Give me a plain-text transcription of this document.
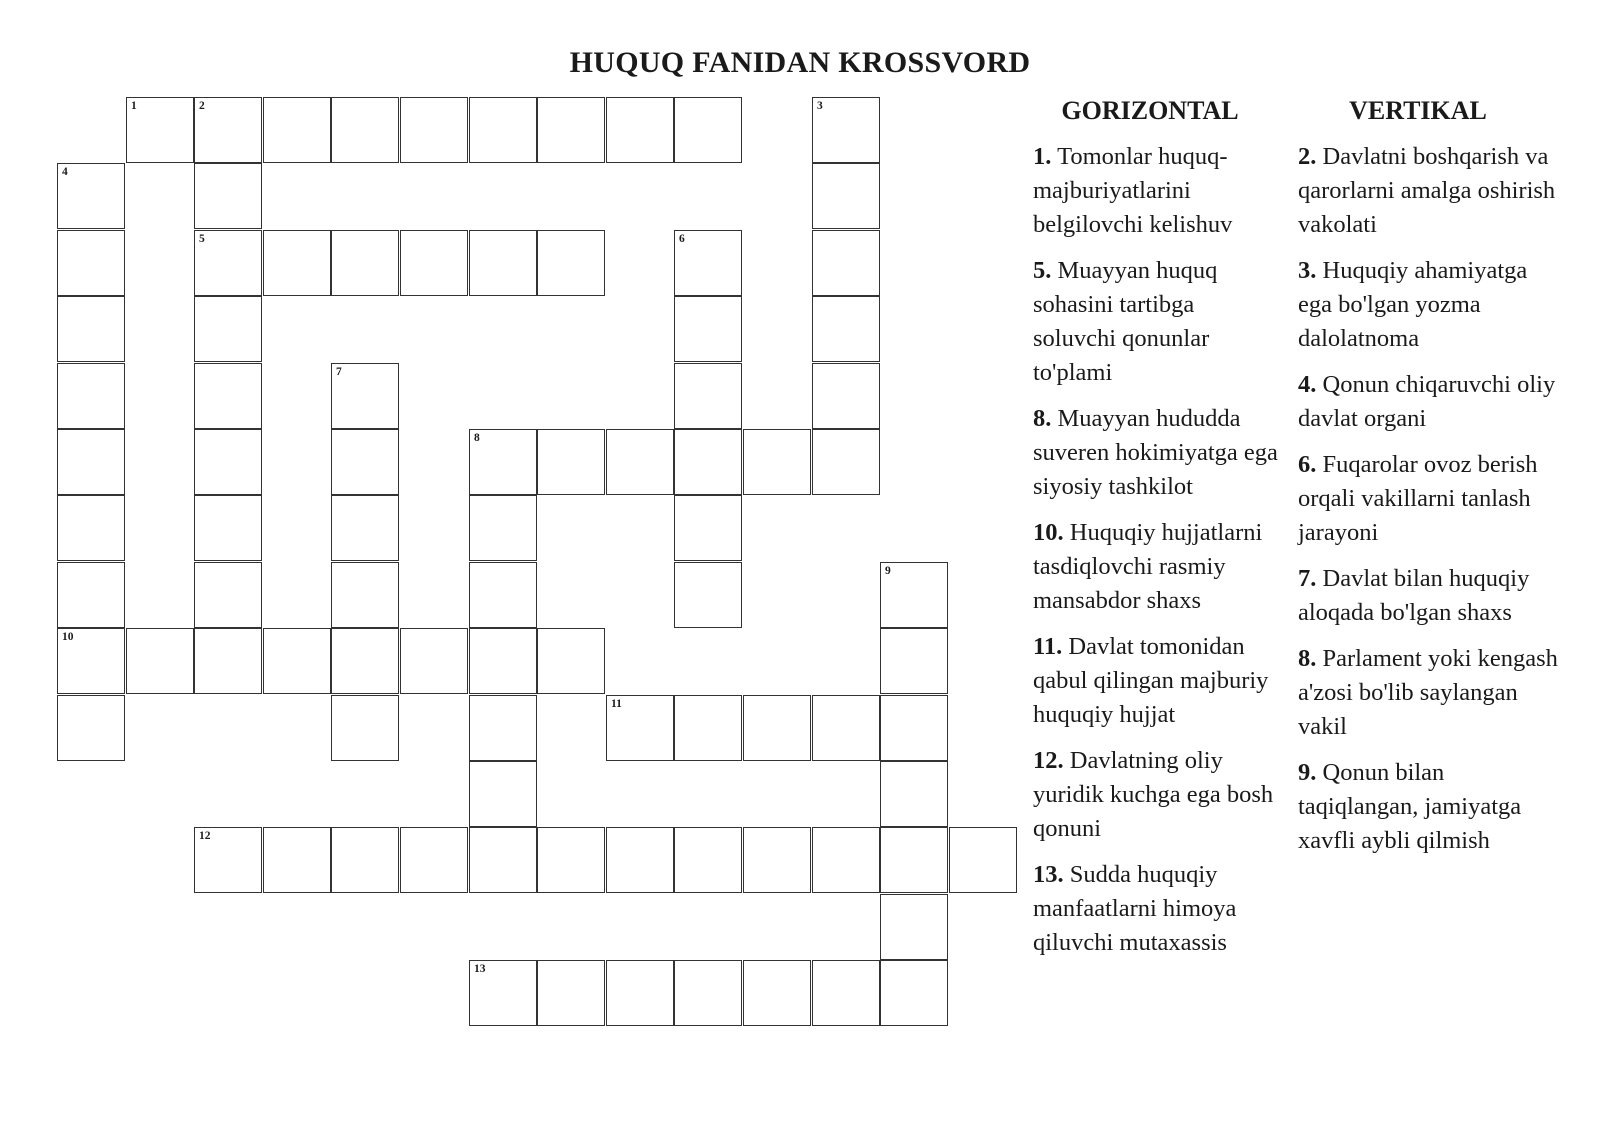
HUQUQ FANIDAN KROSSVORD
1	2	3
4
5	6
7
8
9
10
11
12
13
GORIZONTAL	VERTIKAL

1. Tomonlar huquq-majburiyatlarini belgilovchi kelishuv

5. Muayyan huquq sohasini tartibga soluvchi qonunlar to'plami

8. Muayyan hududda suveren hokimiyatga ega siyosiy tashkilot

10. Huquqiy hujjatlarni tasdiqlovchi rasmiy mansabdor shaxs

11. Davlat tomonidan qabul qilingan majburiy huquqiy hujjat

12. Davlatning oliy yuridik kuchga ega bosh qonuni

13. Sudda huquqiy manfaatlarni himoya qiluvchi mutaxassis

2. Davlatni boshqarish va qarorlarni amalga oshirish vakolati

3. Huquqiy ahamiyatga ega bo'lgan yozma dalolatnoma

4. Qonun chiqaruvchi oliy davlat organi

6. Fuqarolar ovoz berish orqali vakillarni tanlash jarayoni

7. Davlat bilan huquqiy aloqada bo'lgan shaxs

8. Parlament yoki kengash a'zosi bo'lib saylangan vakil

9. Qonun bilan taqiqlangan, jamiyatga xavfli aybli qilmish
